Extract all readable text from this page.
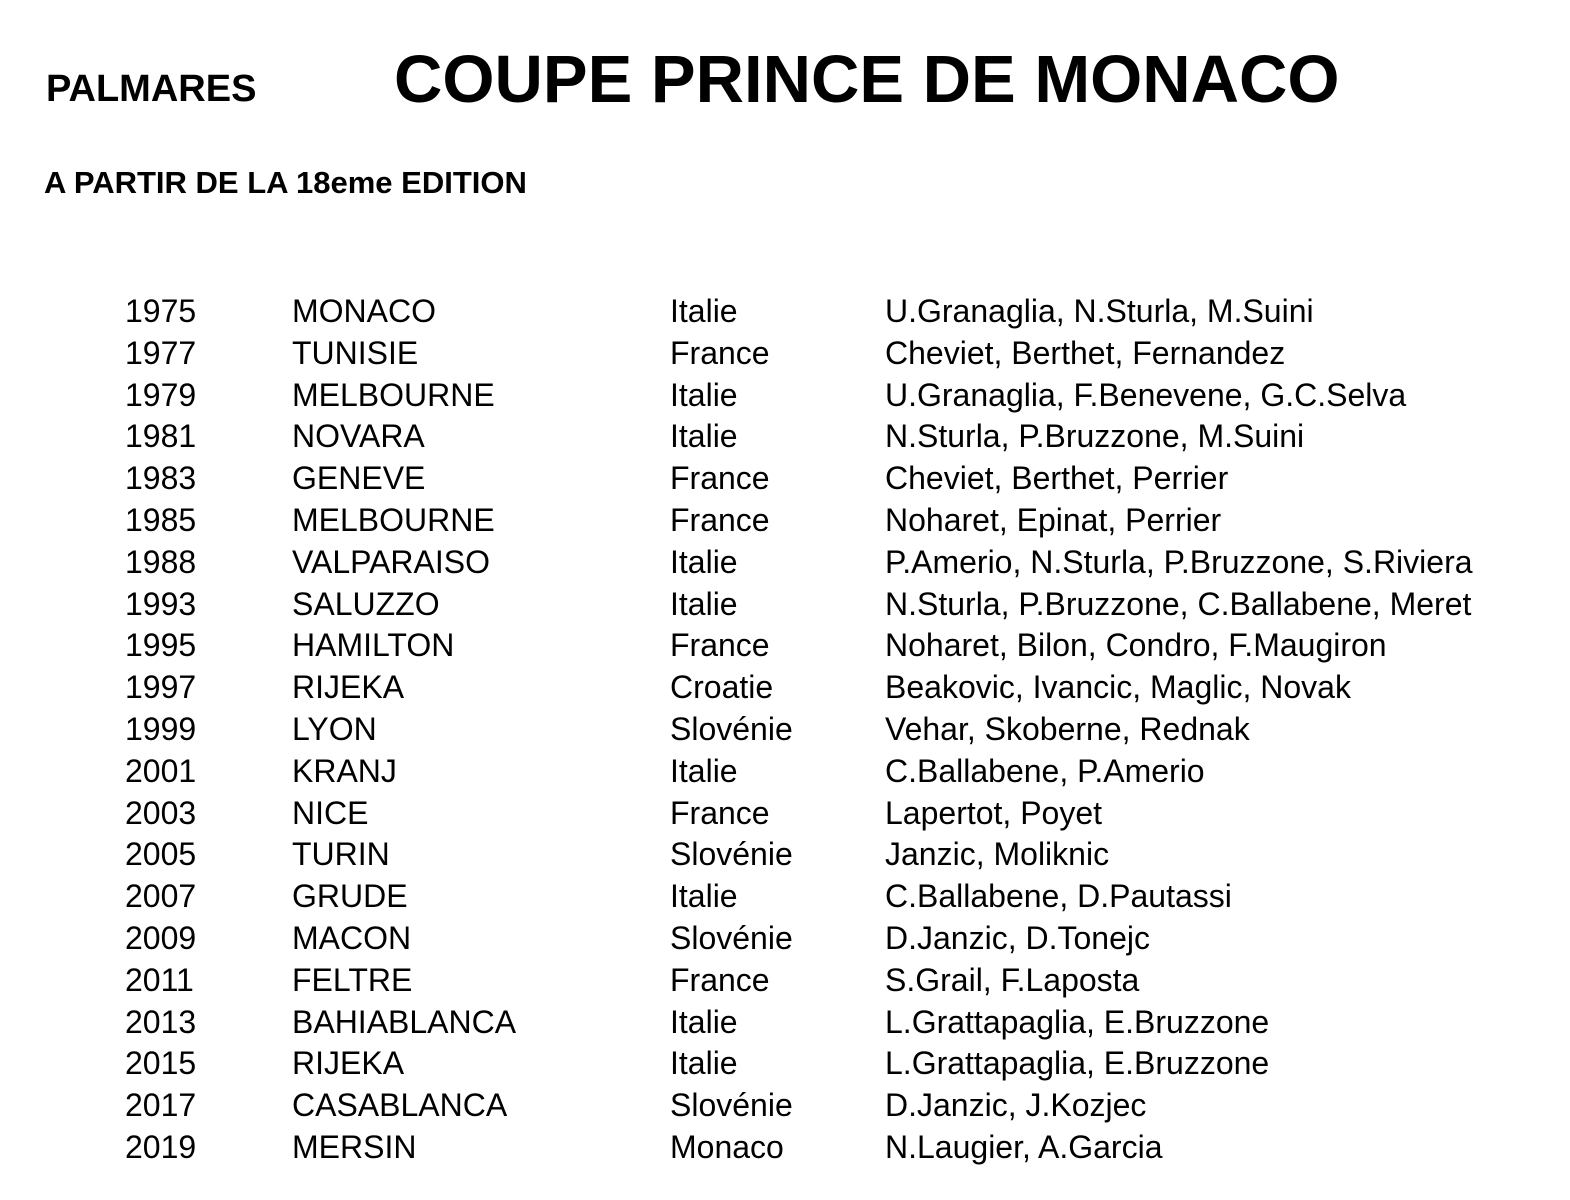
PALMARES COUPE PRINCE DE MONACO
A PARTIR DE LA 18eme EDITION
1975	MONACO	Italie	U.Granaglia, N.Sturla, M.Suini
1977	TUNISIE	France	Cheviet, Berthet, Fernandez
1979	MELBOURNE	Italie	U.Granaglia, F.Benevene, G.C.Selva
1981	NOVARA	Italie	N.Sturla, P.Bruzzone, M.Suini
1983	GENEVE	France	Cheviet, Berthet, Perrier
1985	MELBOURNE	France	Noharet, Epinat, Perrier
1988	VALPARAISO	Italie	P.Amerio, N.Sturla, P.Bruzzone, S.Riviera
1993	SALUZZO	Italie	N.Sturla, P.Bruzzone, C.Ballabene, Meret
1995	HAMILTON	France	Noharet, Bilon, Condro, F.Maugiron
1997	RIJEKA	Croatie	Beakovic, Ivancic, Maglic, Novak
1999	LYON	Slovénie	Vehar, Skoberne, Rednak
2001	KRANJ	Italie	C.Ballabene, P.Amerio
2003	NICE	France	Lapertot, Poyet
2005	TURIN	Slovénie	Janzic, Moliknic
2007	GRUDE	Italie	C.Ballabene, D.Pautassi
2009	MACON	Slovénie	D.Janzic, D.Tonejc
2011	FELTRE	France	S.Grail, F.Laposta
2013	BAHIABLANCA	Italie	L.Grattapaglia, E.Bruzzone
2015	RIJEKA	Italie	L.Grattapaglia, E.Bruzzone
2017	CASABLANCA	Slovénie	D.Janzic, J.Kozjec
2019	MERSIN	Monaco	N.Laugier, A.Garcia
